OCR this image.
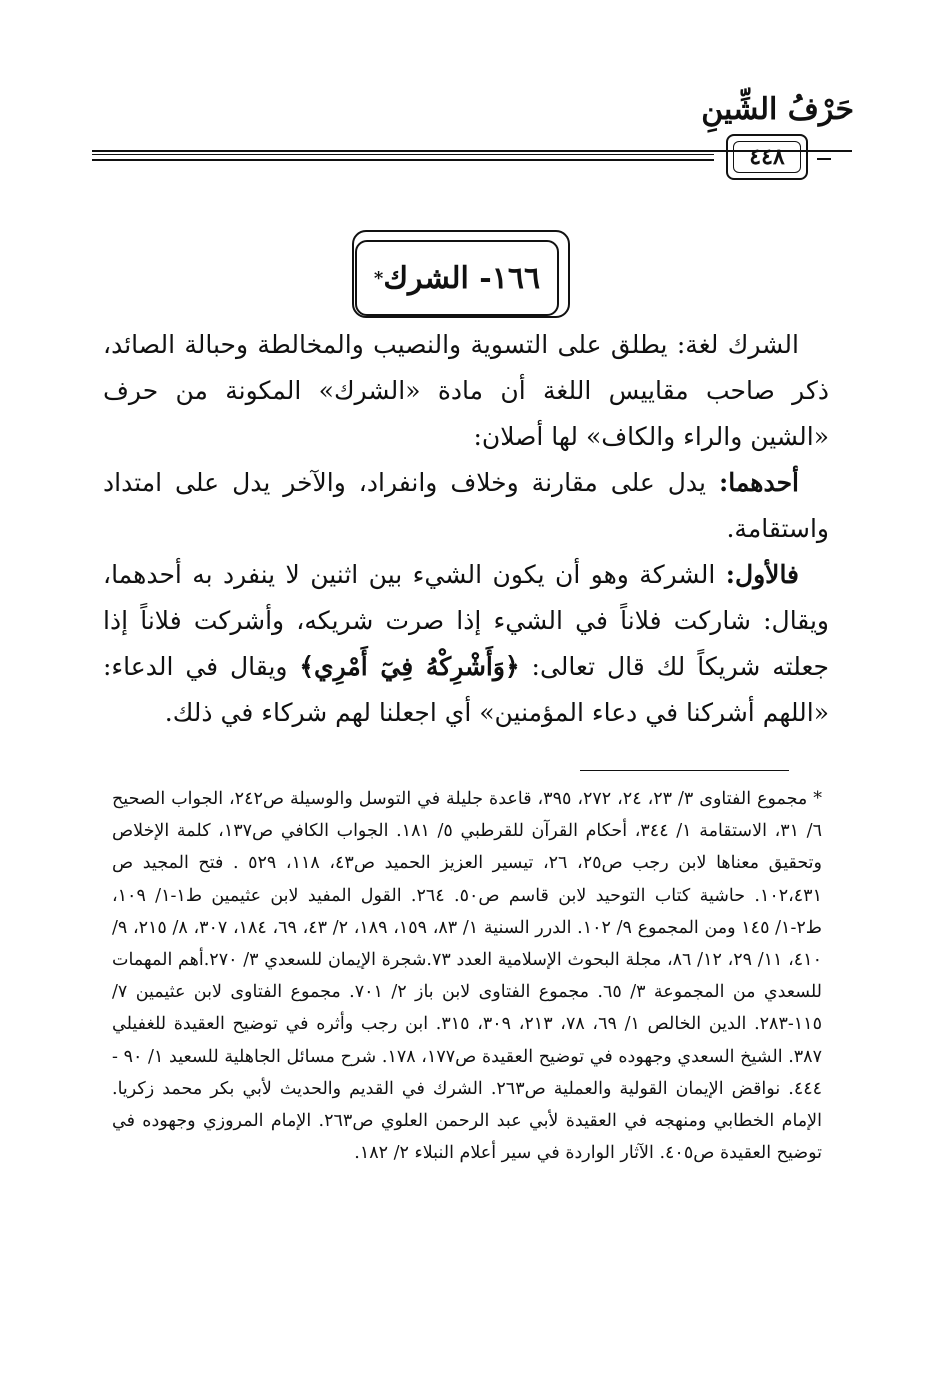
حَرْفُ الشِّينِ
٤٤٨
١٦٦- الشرك
*

الشرك لغة: يطلق على التسوية والنصيب والمخالطة وحبالة الصائد، ذكر صاحب مقاييس اللغة أن مادة «الشرك» المكونة من حرف «الشين والراء والكاف» لها أصلان:

أحدهما: يدل على مقارنة وخلاف وانفراد، والآخر يدل على امتداد واستقامة.

فالأول: الشركة وهو أن يكون الشيء بين اثنين لا ينفرد به أحدهما، ويقال: شاركت فلاناً في الشيء إذا صرت شريكه، وأشركت فلاناً إذا جعلته شريكاً لك قال تعالى: ﴿وَأَشْرِكْهُ فِيٓ أَمْرِي﴾ ويقال في الدعاء: «اللهم أشركنا في دعاء المؤمنين» أي اجعلنا لهم شركاء في ذلك.

* مجموع الفتاوى ٣/ ٢٣، ٢٤، ٢٧٢، ٣٩٥، قاعدة جليلة في التوسل والوسيلة ص٢٤٢، الجواب الصحيح ٦/ ٣١، الاستقامة ١/ ٣٤٤، أحكام القرآن للقرطبي ٥/ ١٨١. الجواب الكافي ص١٣٧، كلمة الإخلاص وتحقيق معناها لابن رجب ص٢٥، ٢٦، تيسير العزيز الحميد ص٤٣، ١١٨، ٥٢٩ . فتح المجيد ص ١٠٢،٤٣١. حاشية كتاب التوحيد لابن قاسم ص٥٠. ٢٦٤. القول المفيد لابن عثيمين ط١-١/ ١٠٩، ط٢-١/ ١٤٥ ومن المجموع ٩/ ١٠٢. الدرر السنية ١/ ٨٣، ١٥٩، ١٨٩، ٢/ ٤٣، ٦٩، ١٨٤، ٣٠٧، ٨/ ٢١٥، ٩/ ٤١٠، ١١/ ٢٩، ١٢/ ٨٦، مجلة البحوث الإسلامية العدد ٧٣.شجرة الإيمان للسعدي ٣/ ٢٧٠.أهم المهمات للسعدي من المجموعة ٣/ ٦٥. مجموع الفتاوى لابن باز ٢/ ٧٠١. مجموع الفتاوى لابن عثيمين ٧/ ١١٥-٢٨٣. الدين الخالص ١/ ٦٩، ٧٨، ٢١٣، ٣٠٩، ٣١٥. ابن رجب وأثره في توضيح العقيدة للغفيلي ٣٨٧. الشيخ السعدي وجهوده في توضيح العقيدة ص١٧٧، ١٧٨. شرح مسائل الجاهلية للسعيد ١/ ٩٠ - ٤٤٤. نواقض الإيمان القولية والعملية ص٢٦٣. الشرك في القديم والحديث لأبي بكر محمد زكريا. الإمام الخطابي ومنهجه في العقيدة لأبي عبد الرحمن العلوي ص٢٦٣. الإمام المروزي وجهوده في توضيح العقيدة ص٤٠٥. الآثار الواردة في سير أعلام النبلاء ٢/ ١٨٢.
